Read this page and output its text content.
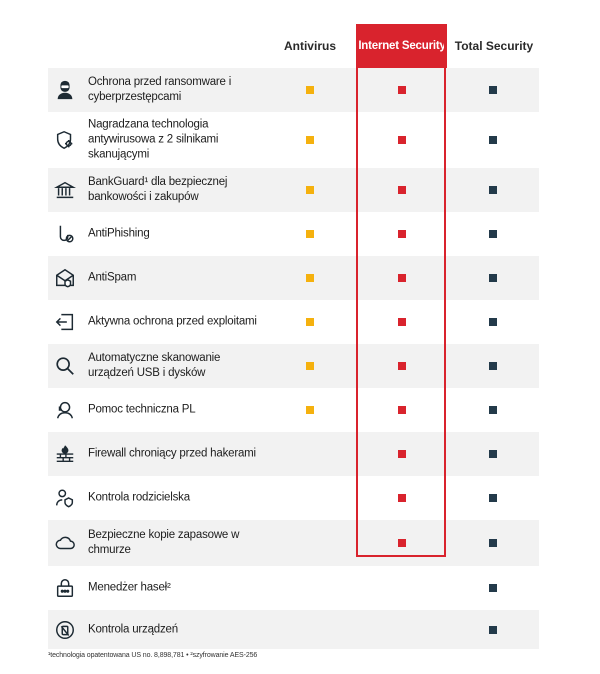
Antivirus	Internet Security Total Security
Ochrona przed ransomware i cyberprzestępcami
Nagradzana technologia antywirusowa z 2 silnikami skanującymi
BankGuard¹ dla bezpiecznej bankowości i zakupów
AntiPhishing
AntiSpam
Aktywna ochrona przed exploitami
Automatyczne skanowanie urządzeń USB i dysków
Pomoc techniczna PL
Firewall chroniący przed hakerami
Kontrola rodzicielska
Bezpieczne kopie zapasowe w chmurze
Menedżer haseł²
Kontrola urządzeń
¹technologia opatentowana US no. 8,898,781 • ²szyfrowanie AES-256
